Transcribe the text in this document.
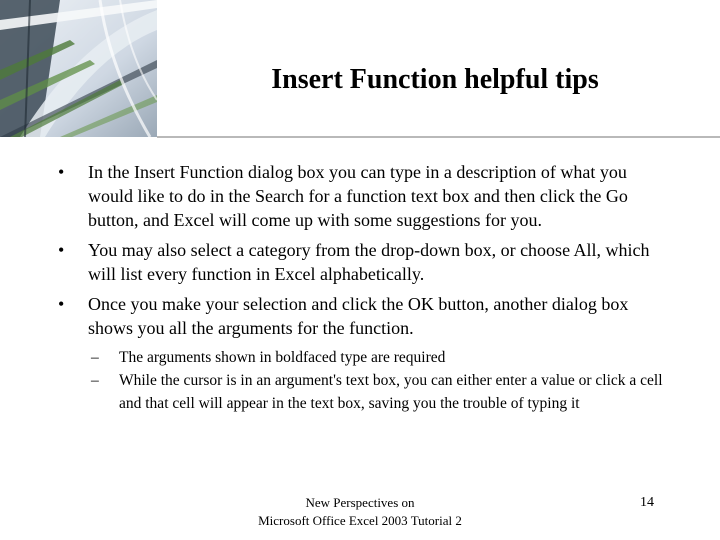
Insert Function helpful tips
• In the Insert Function dialog box you can type in a description of what you would like to do in the Search for a function text box and then click the Go button, and Excel will come up with some suggestions for you.
• You may also select a category from the drop-down box, or choose All, which will list every function in Excel alphabetically.
• Once you make your selection and click the OK button, another dialog box shows you all the arguments for the function.
– The arguments shown in boldfaced type are required
– While the cursor is in an argument's text box, you can either enter a value or click a cell and that cell will appear in the text box, saving you the trouble of typing it
New Perspectives on
Microsoft Office Excel 2003 Tutorial 2
14
